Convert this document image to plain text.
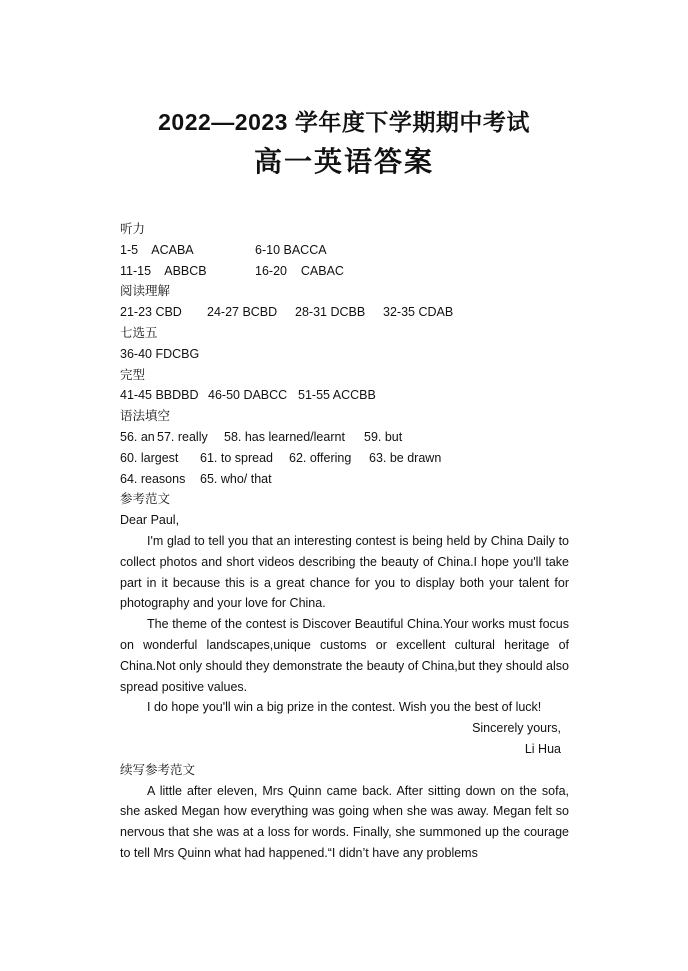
2022—2023 学年度下学期期中考试
高一英语答案
听力
1-5    ACABA	6-10 BACCA
11-15    ABBCB	16-20    CABAC
阅读理解
21-23 CBD 24-27 BCBD 28-31 DCBB 32-35 CDAB
七选五
36-40 FDCBG
完型
41-45 BBDBD 46-50 DABCC 51-55 ACCBB
语法填空
56. an 57. really 58. has learned/learnt 59. but
60. largest 61. to spread 62. offering 63. be drawn
64. reasons 65. who/ that
参考范文
Dear Paul,

I'm glad to tell you that an interesting contest is being held by China Daily to collect photos and short videos describing the beauty of China.I hope you'll take part in it because this is a great chance for you to display both your talent for photography and your love for China.

The theme of the contest is Discover Beautiful China.Your works must focus on wonderful landscapes,unique customs or excellent cultural heritage of China.Not only should they demonstrate the beauty of China,but they should also spread positive values.

I do hope you'll win a big prize in the contest. Wish you the best of luck!

Sincerely yours,
Li Hua
续写参考范文

A little after eleven, Mrs Quinn came back. After sitting down on the sofa, she asked Megan how everything was going when she was away. Megan felt so nervous that she was at a loss for words. Finally, she summoned up the courage to tell Mrs Quinn what had happened.“I didn’t have any problems
